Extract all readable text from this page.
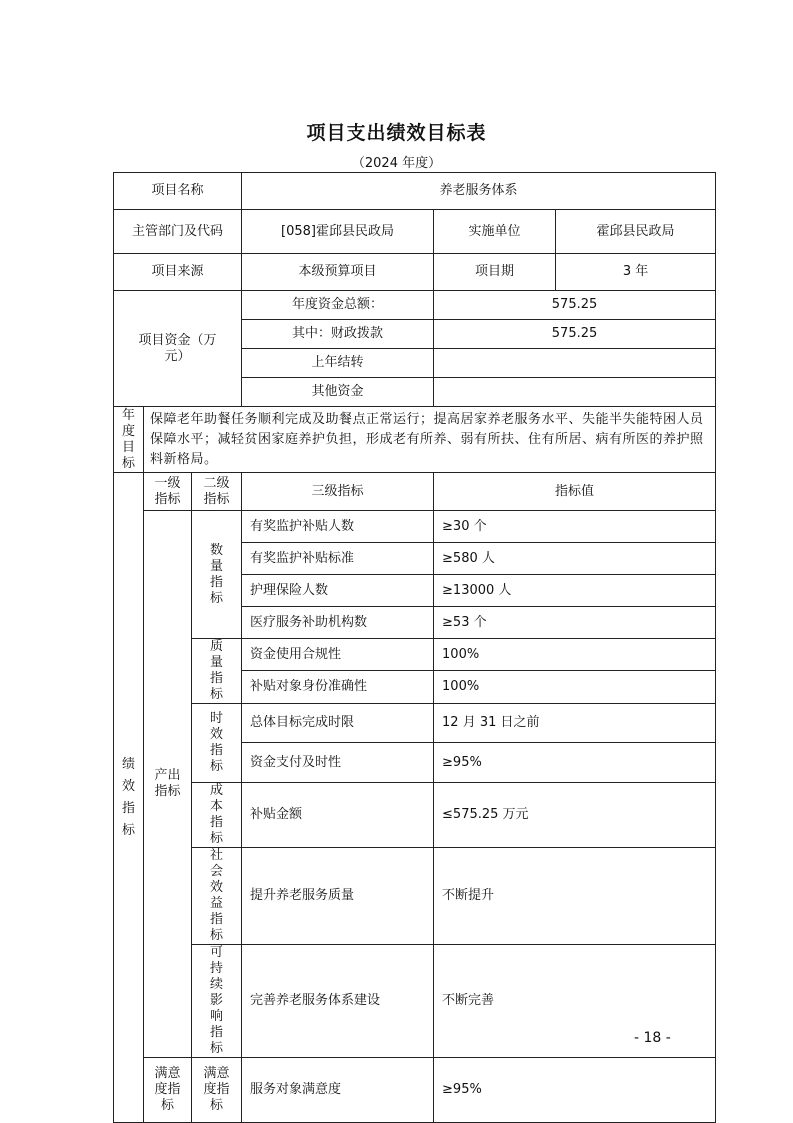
项目支出绩效目标表
（2024 年度）
项目名称			养老服务体系		
主管部门及代码			[058]霍邱县民政局	实施单位	霍邱县民政局
项目来源			本级预算项目	项目期	3 年
项目资金（万元）			年度资金总额：	575.25	
			其中：财政拨款	575.25	
			上年结转		
			其他资金		
年度目标	保障老年助餐任务顺利完成及助餐点正常运行；提高居家养老服务水平、失能半失能特困人员保障水平；减轻贫困家庭养护负担，形成老有所养、弱有所扶、住有所居、病有所医的养护照料新格局。				
绩效指标	一级指标	二级指标	三级指标	指标值	
	产出指标	数量指标	有奖监护补贴人数	≥30 个	
			有奖监护补贴标准	≥580 人	
			护理保险人数	≥13000 人	
			医疗服务补助机构数	≥53 个	
		质量指标	资金使用合规性	100%	
			补贴对象身份准确性	100%	
		时效指标	总体目标完成时限	12 月 31 日之前	
			资金支付及时性	≥95%	
		成本指标	补贴金额	≤575.25 万元	
		社会效益指标	提升养老服务质量	不断提升	
		可持续影响指标	完善养老服务体系建设	不断完善	
	满意度指标	满意度指标	服务对象满意度	≥95%	
- 18 -
